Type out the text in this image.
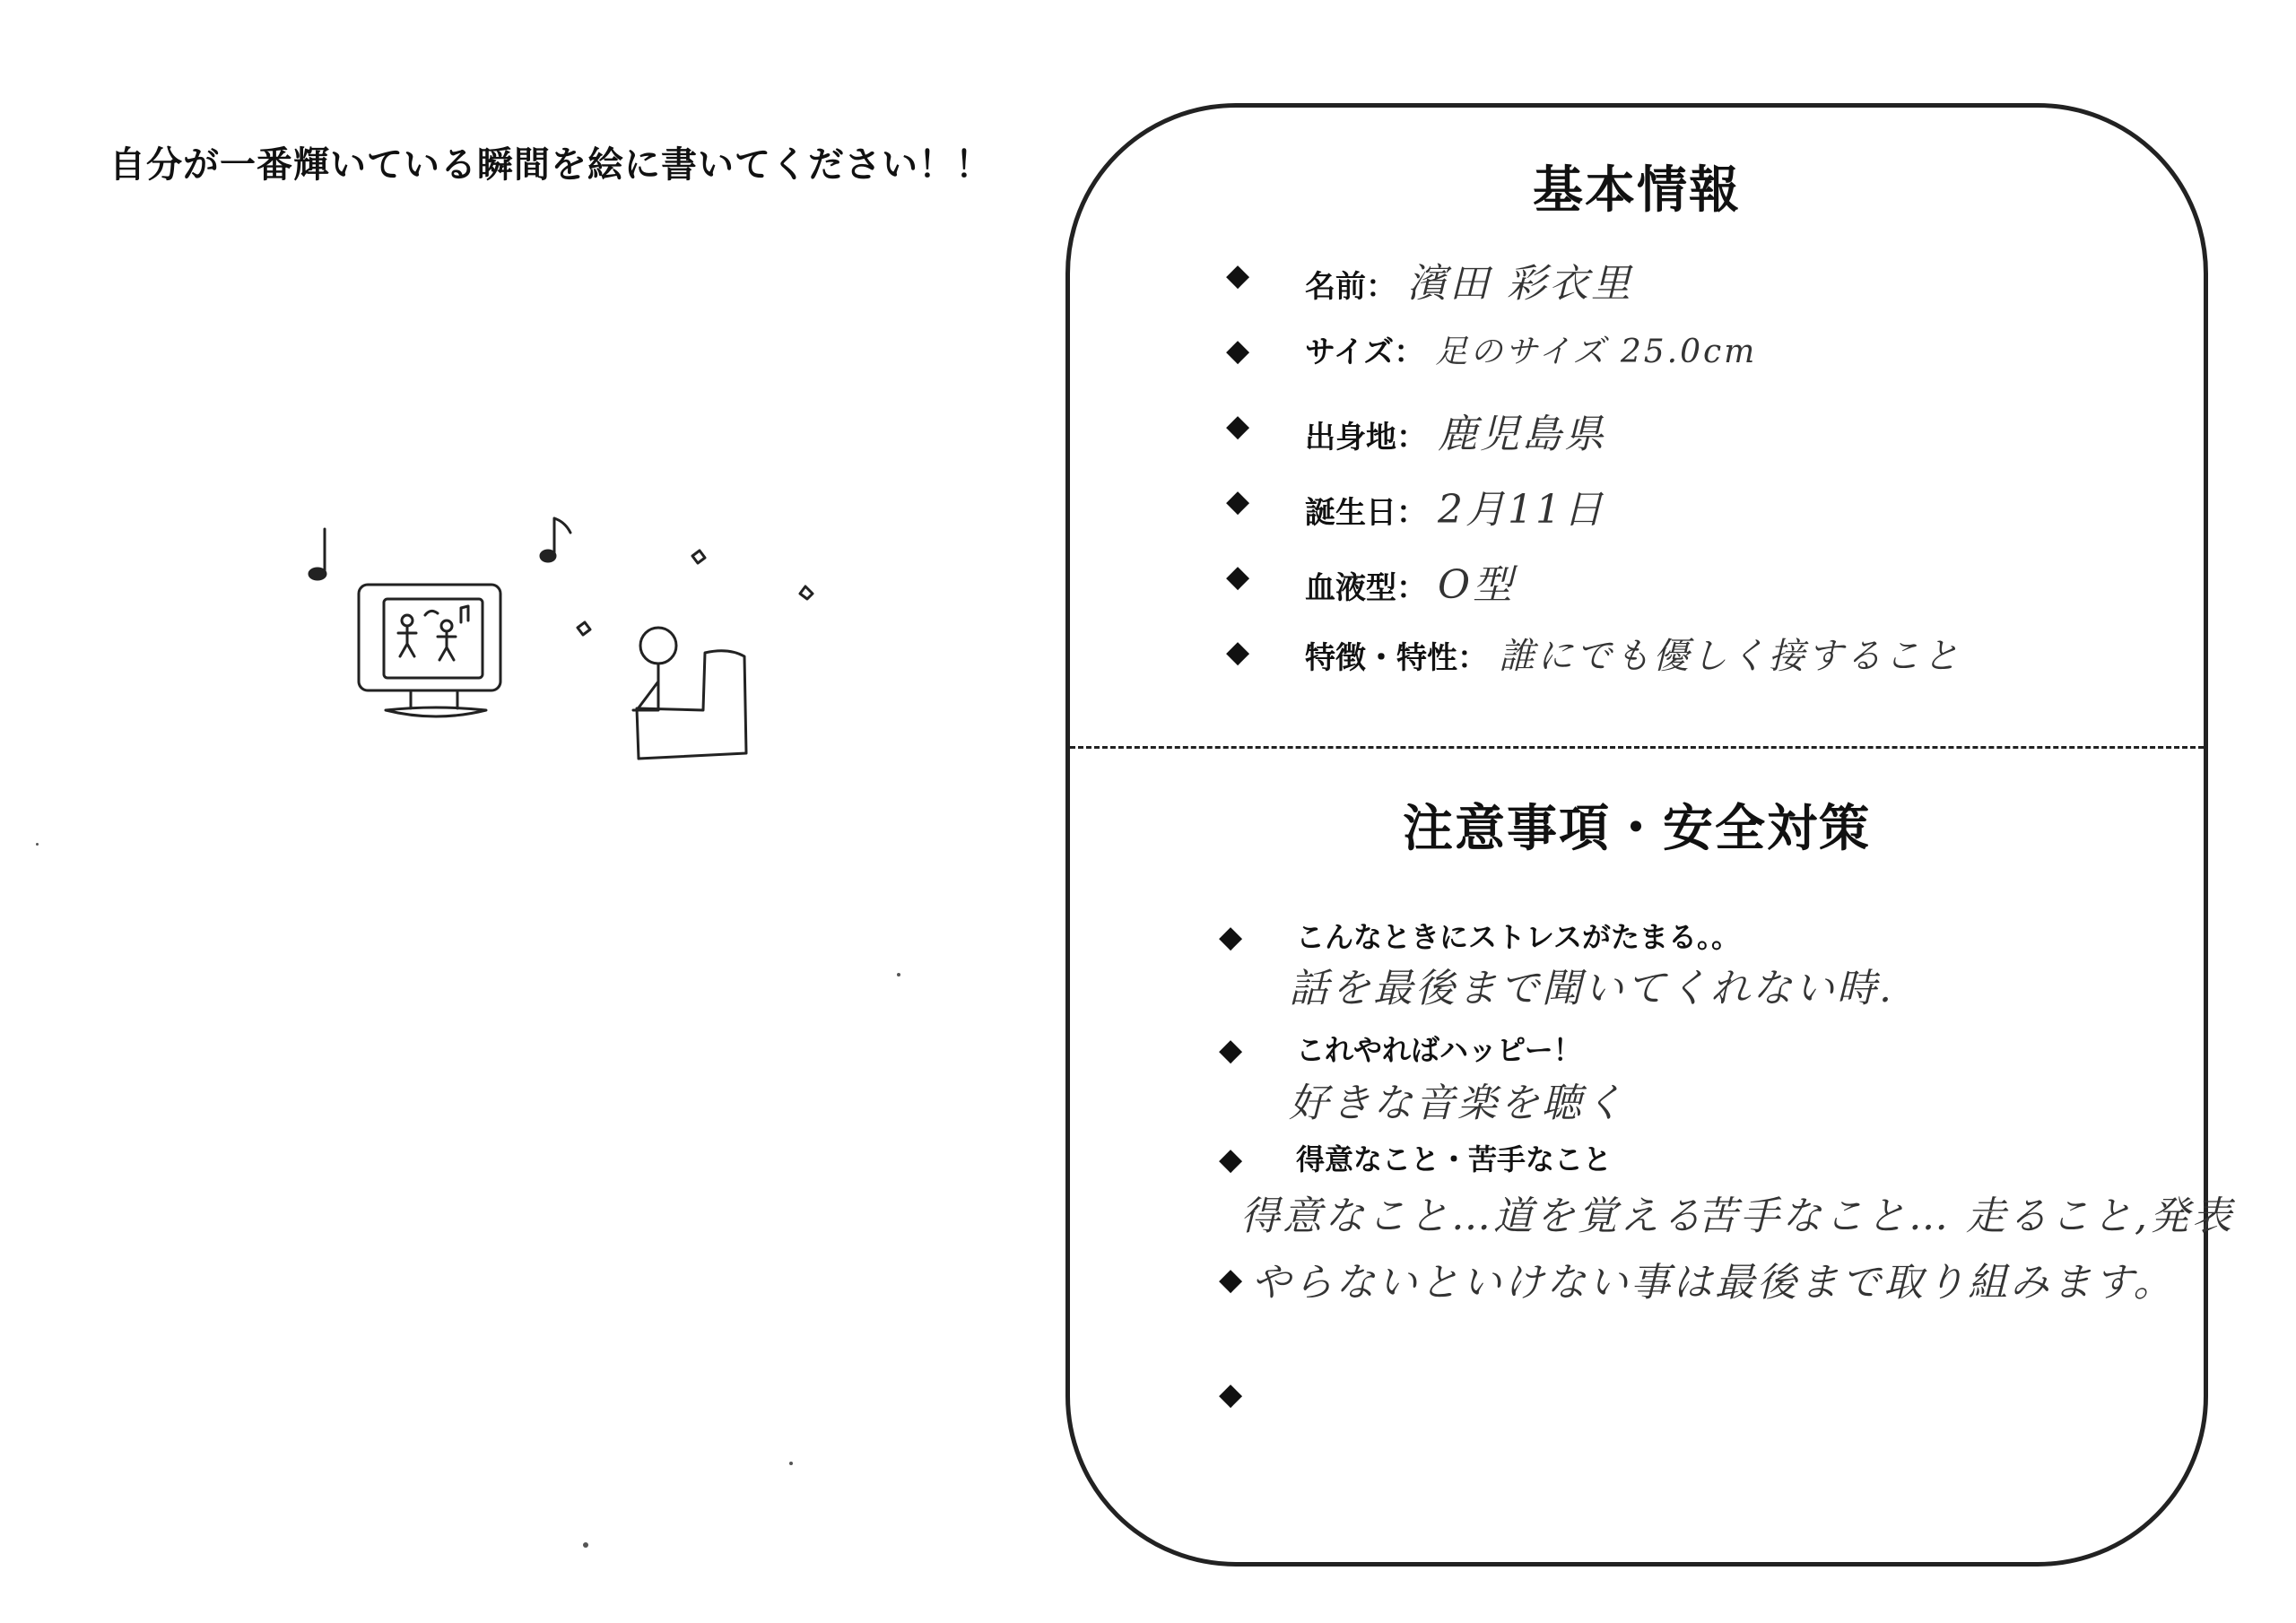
自分が一番輝いている瞬間を絵に書いてください！！	基本情報
◆ 名前： 濱田 彩衣里
◆ サイズ： 足のサイズ 25.0cm
◆ 出身地： 鹿児島県
◆ 誕生日： 2月11日
◆ 血液型： O型
◆ 特徴・特性： 誰にでも優しく接すること
注意事項・安全対策
◆ こんなときにストレスがたまる。。
話を最後まで聞いてくれない時.
◆ これやればハッピー！
好きな音楽を聴く
◆ 得意なこと・苦手なこと
得意なこと…道を覚える
苦手なこと… 走ること,発表
◆ やらないといけない事は最後まで取り組みます。
◆
